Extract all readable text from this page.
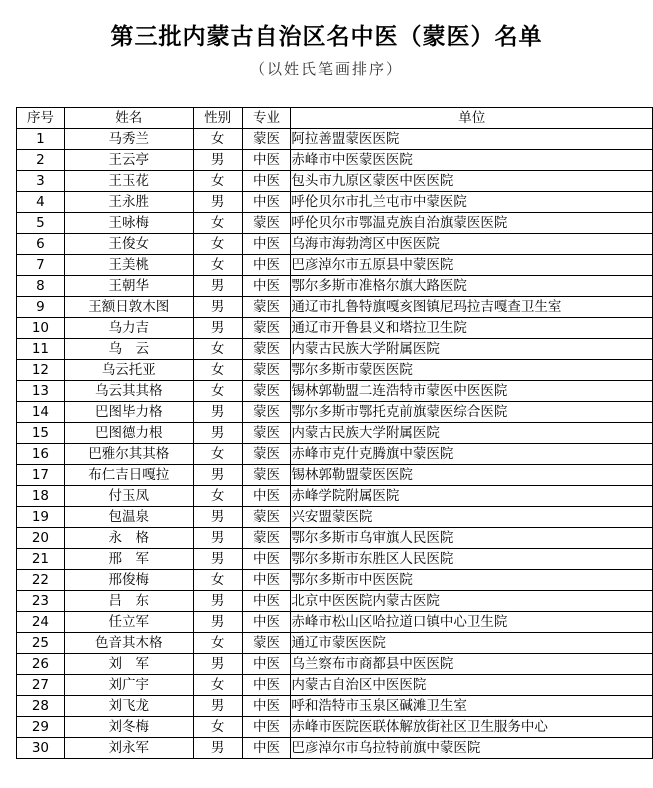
第三批内蒙古自治区名中医（蒙医）名单
（以姓氏笔画排序）
序号	姓名	性别	专业	单位
1	马秀兰	女	蒙医	阿拉善盟蒙医医院
2	王云亭	男	中医	赤峰市中医蒙医医院
3	王玉花	女	中医	包头市九原区蒙医中医医院
4	王永胜	男	中医	呼伦贝尔市扎兰屯市中蒙医院
5	王咏梅	女	蒙医	呼伦贝尔市鄂温克族自治旗蒙医医院
6	王俊女	女	中医	乌海市海勃湾区中医医院
7	王美桃	女	中医	巴彦淖尔市五原县中蒙医院
8	王朝华	男	中医	鄂尔多斯市准格尔旗大路医院
9	王额日敦木图	男	蒙医	通辽市扎鲁特旗嘎亥图镇尼玛拉吉嘎查卫生室
10	乌力吉	男	蒙医	通辽市开鲁县义和塔拉卫生院
11	乌　云	女	蒙医	内蒙古民族大学附属医院
12	乌云托亚	女	蒙医	鄂尔多斯市蒙医医院
13	乌云其其格	女	蒙医	锡林郭勒盟二连浩特市蒙医中医医院
14	巴图毕力格	男	蒙医	鄂尔多斯市鄂托克前旗蒙医综合医院
15	巴图德力根	男	蒙医	内蒙古民族大学附属医院
16	巴雅尔其其格	女	蒙医	赤峰市克什克腾旗中蒙医院
17	布仁吉日嘎拉	男	蒙医	锡林郭勒盟蒙医医院
18	付玉凤	女	中医	赤峰学院附属医院
19	包温泉	男	蒙医	兴安盟蒙医院
20	永　格	男	蒙医	鄂尔多斯市乌审旗人民医院
21	邢　军	男	中医	鄂尔多斯市东胜区人民医院
22	邢俊梅	女	中医	鄂尔多斯市中医医院
23	吕　东	男	中医	北京中医医院内蒙古医院
24	任立军	男	中医	赤峰市松山区哈拉道口镇中心卫生院
25	色音其木格	女	蒙医	通辽市蒙医医院
26	刘　军	男	中医	乌兰察布市商都县中医医院
27	刘广宇	女	中医	内蒙古自治区中医医院
28	刘飞龙	男	中医	呼和浩特市玉泉区碱滩卫生室
29	刘冬梅	女	中医	赤峰市医院医联体解放街社区卫生服务中心
30	刘永军	男	中医	巴彦淖尔市乌拉特前旗中蒙医院
